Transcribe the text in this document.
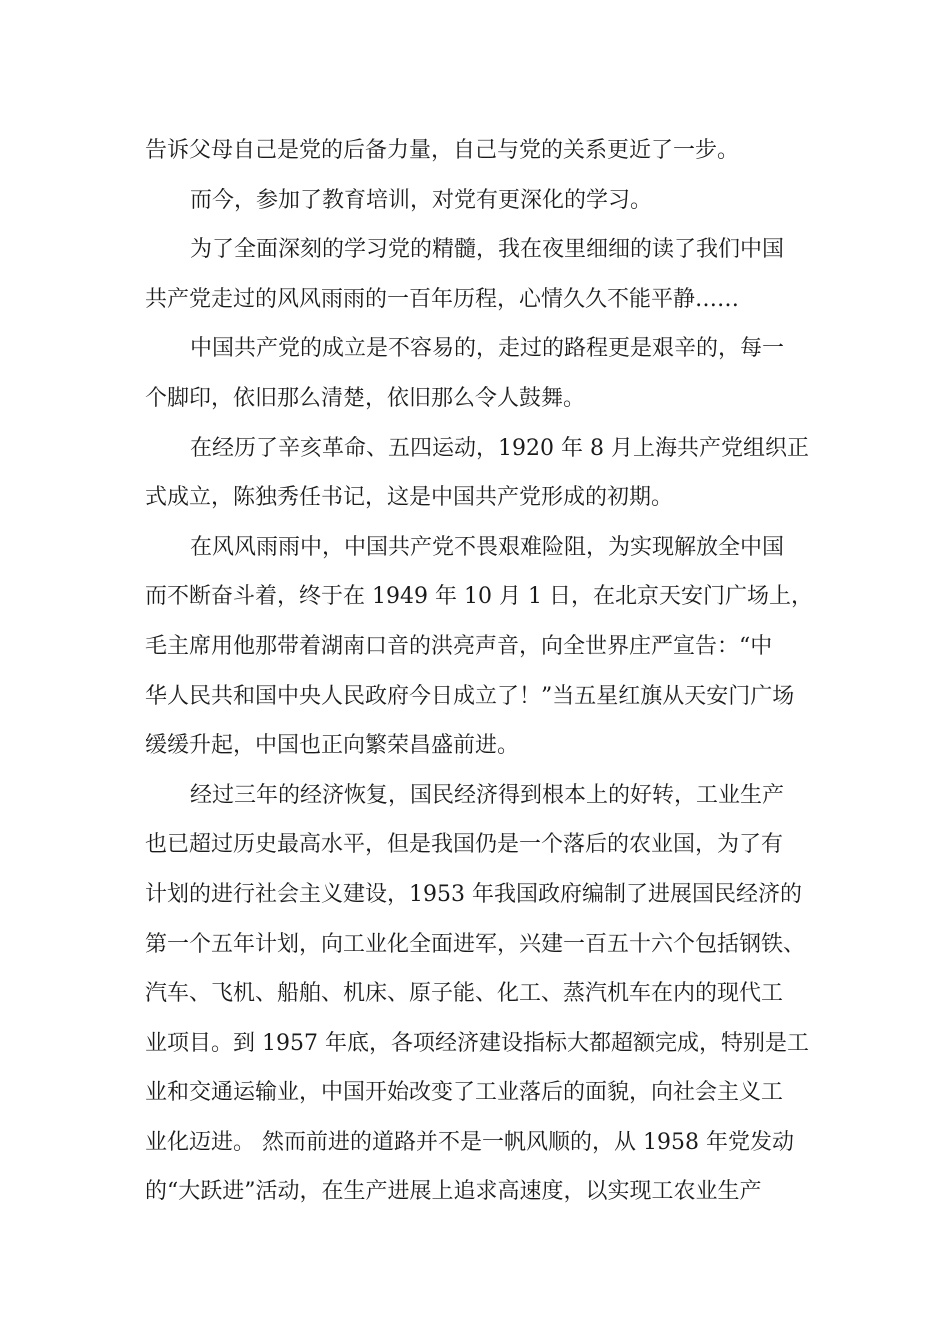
告诉父母自己是党的后备力量，自己与党的关系更近了一步。
而今，参加了教育培训，对党有更深化的学习。
为了全面深刻的学习党的精髓，我在夜里细细的读了我们中国
共产党走过的风风雨雨的一百年历程，心情久久不能平静……
中国共产党的成立是不容易的，走过的路程更是艰辛的，每一
个脚印，依旧那么清楚，依旧那么令人鼓舞。
在经历了辛亥革命、五四运动，1920 年 8 月上海共产党组织正
式成立，陈独秀任书记，这是中国共产党形成的初期。
在风风雨雨中，中国共产党不畏艰难险阻，为实现解放全中国
而不断奋斗着，终于在 1949 年 10 月 1 日，在北京天安门广场上，
毛主席用他那带着湖南口音的洪亮声音，向全世界庄严宣告：“中
华人民共和国中央人民政府今日成立了！”当五星红旗从天安门广场
缓缓升起，中国也正向繁荣昌盛前进。
经过三年的经济恢复，国民经济得到根本上的好转，工业生产
也已超过历史最高水平，但是我国仍是一个落后的农业国，为了有
计划的进行社会主义建设，1953 年我国政府编制了进展国民经济的
第一个五年计划，向工业化全面进军，兴建一百五十六个包括钢铁、
汽车、飞机、船舶、机床、原子能、化工、蒸汽机车在内的现代工
业项目。到 1957 年底，各项经济建设指标大都超额完成，特别是工
业和交通运输业，中国开始改变了工业落后的面貌，向社会主义工
业化迈进。 然而前进的道路并不是一帆风顺的，从 1958 年党发动
的“大跃进”活动，在生产进展上追求高速度，以实现工农业生产
